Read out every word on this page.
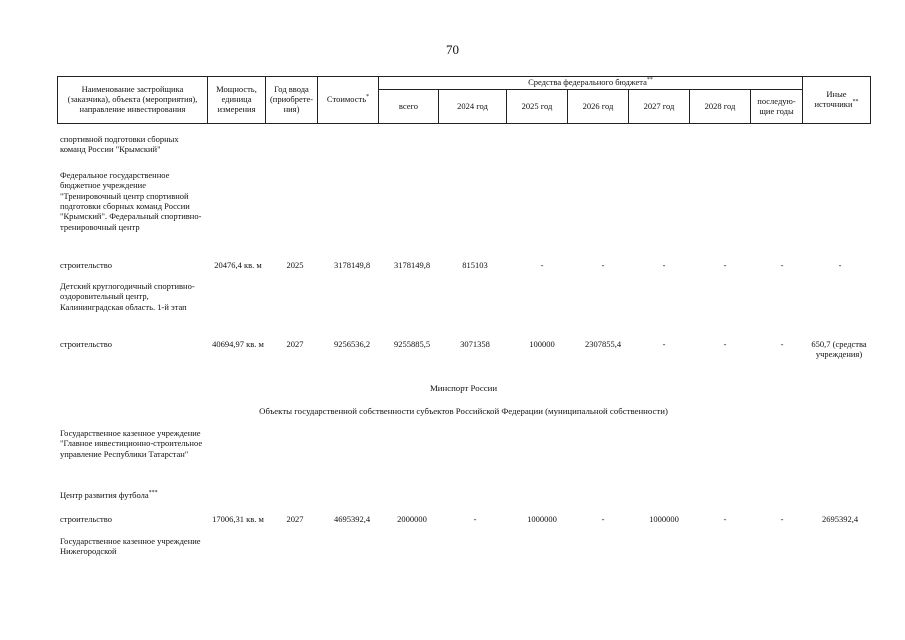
70
Наименование застройщика (заказчика), объекта (мероприятия), направление инвестирования	Мощность, единица измерения	Год ввода (приобрете-ния)	Стоимость*	Средства федерального бюджета**							Иные источники**
				всего	2024 год	2025 год	2026 год	2027 год	2028 год	последую-щие годы	
спортивной подготовки сборных команд России "Крымский"
Федеральное государственное бюджетное учреждение "Тренировочный центр спортивной подготовки сборных команд России "Крымский". Федеральный спортивно-тренировочный центр
строительство	20476,4 кв. м	2025	3178149,8	3178149,8	815103	-	-	-	-	-	-
Детский круглогодичный спортивно-оздоровительный центр, Калининградская область. 1-й этап
строительство	40694,97 кв. м	2027	9256536,2	9255885,5	3071358	100000	2307855,4	-	-	-	650,7 (средства учреждения)
Минспорт России
Объекты государственной собственности субъектов Российской Федерации (муниципальной собственности)
Государственное казенное учреждение "Главное инвестиционно-строительное управление Республики Татарстан"
Центр развития футбола***
строительство	17006,31 кв. м	2027	4695392,4	2000000	-	1000000	-	1000000	-	-	2695392,4
Государственное казенное учреждение Нижегородской
